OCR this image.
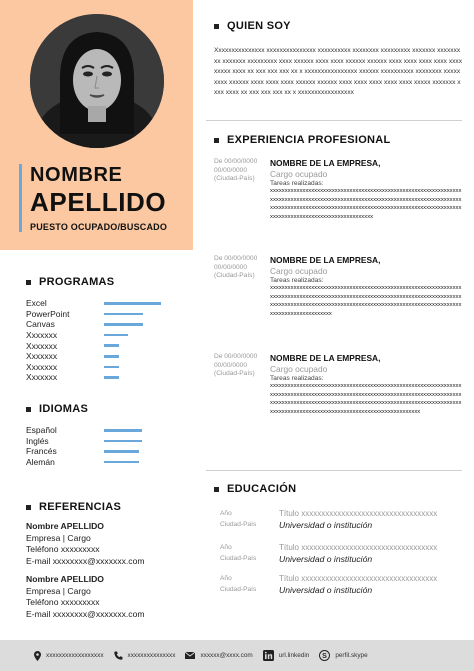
NOMBRE
APELLIDO
PUESTO OCUPADO/BUSCADO
PROGRAMAS
Excel
PowerPoint
Canvas
Xxxxxxx
Xxxxxxx
Xxxxxxx
Xxxxxxx
Xxxxxxx
IDIOMAS
Español
Inglés
Francés
Alemán
REFERENCIAS
Nombre APELLIDO
Empresa | Cargo
Teléfono xxxxxxxxx
E-mail xxxxxxxx@xxxxxxx.com
Nombre APELLIDO
Empresa | Cargo
Teléfono xxxxxxxxx
E-mail xxxxxxxx@xxxxxxx.com
QUIEN SOY
Xxxxxxxxxxxxxxx xxxxxxxxxxxxxxx xxxxxxxxxx xxxxxxxx xxxxxxxxx xxxxxxx xxxxxxxxx xxxxxxx xxxxxxxxx xxxx xxxxxx xxxx xxxx xxxxxx xxxxxx xxxx xxxx xxxx xxxx xxxx xxxxx xxxx xx xxx xxx xxx xx x xxxxxxxxxxxxxxxx xxxxxx xxxxxxxxxx xxxxxxxx xxxxxxxxx xxxxxx xxxx xxxx xxxx xxxxxx xxxxxx xxxx xxxx xxxx xxxx xxxx xxxxx xxxxxxx xxxx xxxx xx xxx xxx xxx xx x xxxxxxxxxxxxxxxxx
EXPERIENCIA PROFESIONAL
De 00/00/0000 00/00/0000
(Ciudad-País)
NOMBRE DE LA EMPRESA,
Cargo ocupado
Tareas realizadas:
xxxxxxxxxxxxxxxxxxxxxxxxxxxxxxxxxxxxxxxxxxxxxxxxxxxxxxxxxxxxxxxxxxxxxxxxxxxxxxxxxxxxxxxxxxxxxxxxxxxxxxxxxxxxxxxxxxxxxxxxxxxxxxxxxxxxxxxxxxxxxxxxxxxxxxxxxxxxxxxxxxxxxxxxxxxxxxxxxxxxxxxxxxxxxxxxxxxxxxxxxxxxxxxxxxxxxxxxxxxxxxxxxxxxxx
De 00/00/0000 00/00/0000
(Ciudad-País)
NOMBRE DE LA EMPRESA,
Cargo ocupado
Tareas realizadas:
xxxxxxxxxxxxxxxxxxxxxxxxxxxxxxxxxxxxxxxxxxxxxxxxxxxxxxxxxxxxxxxxxxxxxxxxxxxxxxxxxxxxxxxxxxxxxxxxxxxxxxxxxxxxxxxxxxxxxxxxxxxxxxxxxxxxxxxxxxxxxxxxxxxxxxxxxxxxxxxxxxxxxxxxxxxxxxxxxxxxxxxxxxxxxxxxxxxxxxxxxxxxxxxxxxxxxxxx
De 00/00/0000 00/00/0000
(Ciudad-País)
NOMBRE DE LA EMPRESA,
Cargo ocupado
Tareas realizadas:
xxxxxxxxxxxxxxxxxxxxxxxxxxxxxxxxxxxxxxxxxxxxxxxxxxxxxxxxxxxxxxxxxxxxxxxxxxxxxxxxxxxxxxxxxxxxxxxxxxxxxxxxxxxxxxxxxxxxxxxxxxxxxxxxxxxxxxxxxxxxxxxxxxxxxxxxxxxxxxxxxxxxxxxxxxxxxxxxxxxxxxxxxxxxxxxxxxxxxxxxxxxxxxxxxxxxxxxxxxxxxxxxxxxxxxxxxxxxxxxxxxxxxx
EDUCACIÓN
Año
Ciudad-País
Título xxxxxxxxxxxxxxxxxxxxxxxxxxxxxxxxxx
Universidad o institución
Año
Ciudad-País
Título xxxxxxxxxxxxxxxxxxxxxxxxxxxxxxxxxx
Universidad o institución
Año
Ciudad-País
Título xxxxxxxxxxxxxxxxxxxxxxxxxxxxxxxxxx
Universidad o institución
xxxxxxxxxxxxxxxxxx	xxxxxxxxxxxxxxx	xxxxxx@xxxx.com	url.linkedin S perfil.skype
